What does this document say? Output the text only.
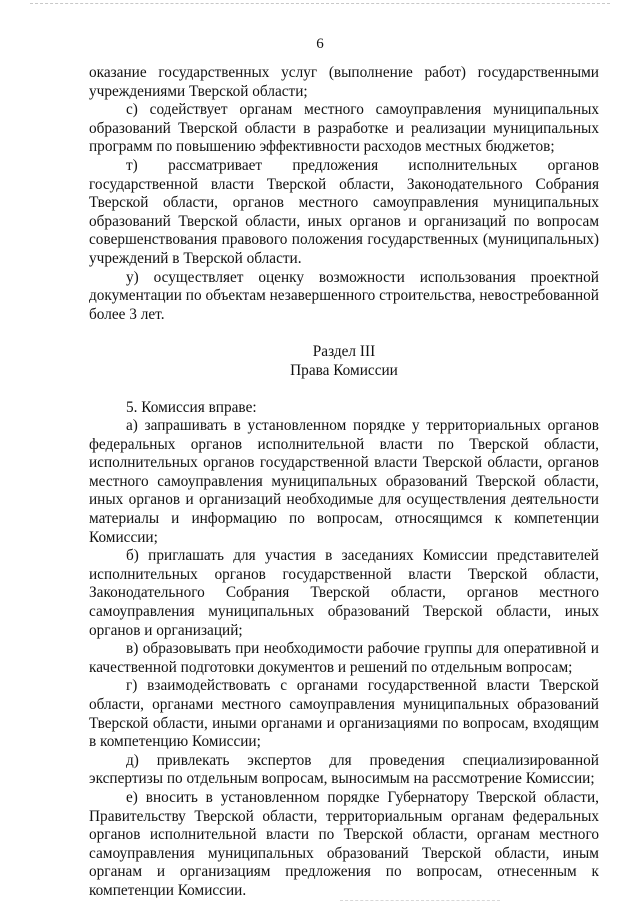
6

оказание государственных услуг (выполнение работ) государственными учреждениями Тверской области;

с) содействует органам местного самоуправления муниципальных образований Тверской области в разработке и реализации муниципальных программ по повышению эффективности расходов местных бюджетов;

т) рассматривает предложения исполнительных органов государственной власти Тверской области, Законодательного Собрания Тверской области, органов местного самоуправления муниципальных образований Тверской области, иных органов и организаций по вопросам совершенствования правового положения государственных (муниципальных) учреждений в Тверской области.

у) осуществляет оценку возможности использования проектной документации по объектам незавершенного строительства, невостребованной более 3 лет.

Раздел III

Права Комиссии

5. Комиссия вправе:

а) запрашивать в установленном порядке у территориальных органов федеральных органов исполнительной власти по Тверской области, исполнительных органов государственной власти Тверской области, органов местного самоуправления муниципальных образований Тверской области, иных органов и организаций необходимые для осуществления деятельности материалы и информацию по вопросам, относящимся к компетенции Комиссии;

б) приглашать для участия в заседаниях Комиссии представителей исполнительных органов государственной власти Тверской области, Законодательного Собрания Тверской области, органов местного самоуправления муниципальных образований Тверской области, иных органов и организаций;

в) образовывать при необходимости рабочие группы для оперативной и качественной подготовки документов и решений по отдельным вопросам;

г) взаимодействовать с органами государственной власти Тверской области, органами местного самоуправления муниципальных образований Тверской области, иными органами и организациями по вопросам, входящим в компетенцию Комиссии;

д) привлекать экспертов для проведения специализированной экспертизы по отдельным вопросам, выносимым на рассмотрение Комиссии;

е) вносить в установленном порядке Губернатору Тверской области, Правительству Тверской области, территориальным органам федеральных органов исполнительной власти по Тверской области, органам местного самоуправления муниципальных образований Тверской области, иным органам и организациям предложения по вопросам, отнесенным к компетенции Комиссии.
